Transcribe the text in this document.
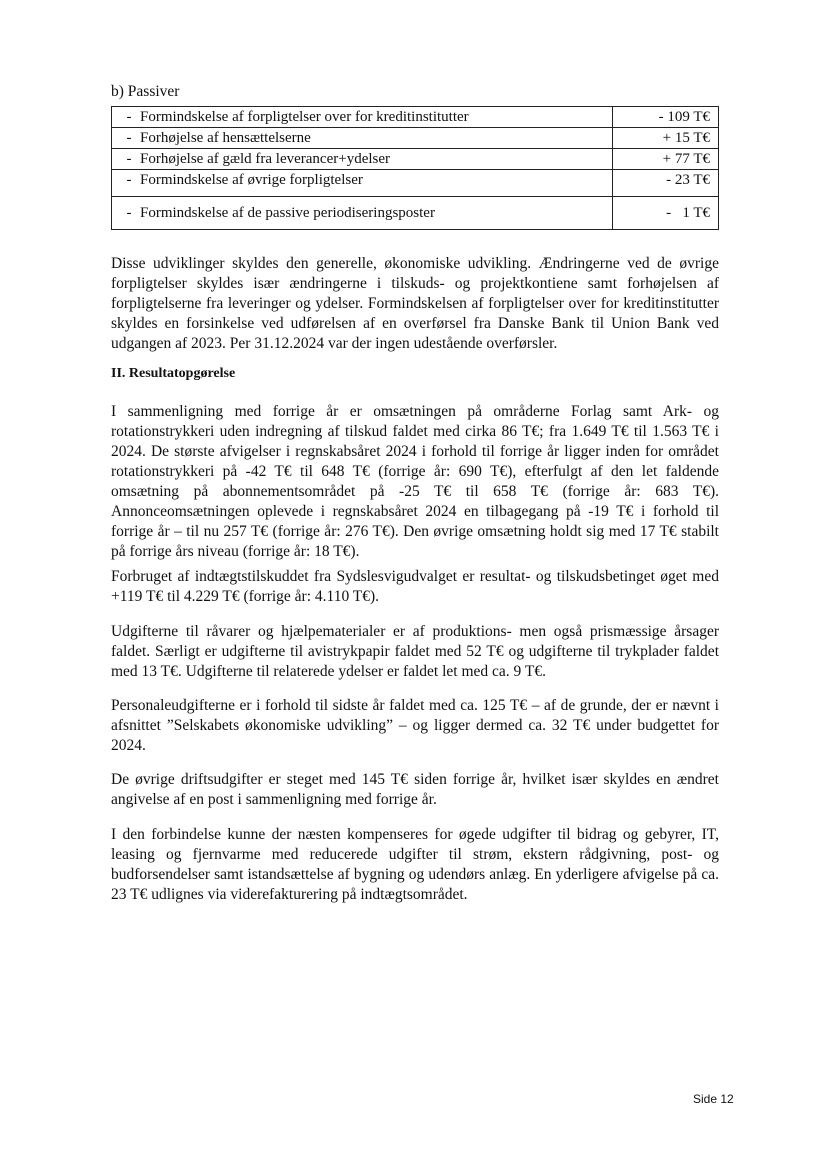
b) Passiver
- Formindskelse af forpligtelser over for kreditinstitutter	- 109 T€
- Forhøjelse af hensættelserne	+ 15 T€
- Forhøjelse af gæld fra leverancer+ydelser	+ 77 T€
- Formindskelse af øvrige forpligtelser	- 23 T€
- Formindskelse af de passive periodiseringsposter	-   1 T€

Disse udviklinger skyldes den generelle, økonomiske udvikling. Ændringerne ved de øvrige forpligtelser skyldes især ændringerne i tilskuds- og projektkontiene samt forhøjelsen af forpligtelserne fra leveringer og ydelser. Formindskelsen af forpligtelser over for kreditinstitutter skyldes en forsinkelse ved udførelsen af en overførsel fra Danske Bank til Union Bank ved udgangen af 2023. Per 31.12.2024 var der ingen udestående overførsler.

II. Resultatopgørelse

I sammenligning med forrige år er omsætningen på områderne Forlag samt Ark- og rotationstrykkeri uden indregning af tilskud faldet med cirka 86 T€; fra 1.649 T€ til 1.563 T€ i 2024. De største afvigelser i regnskabsåret 2024 i forhold til forrige år ligger inden for området rotationstrykkeri på -42 T€ til 648 T€ (forrige år: 690 T€), efterfulgt af den let faldende omsætning på abonnementsområdet på -25 T€ til 658 T€ (forrige år: 683 T€). Annonceomsætningen oplevede i regnskabsåret 2024 en tilbagegang på -19 T€ i forhold til forrige år – til nu 257 T€ (forrige år: 276 T€). Den øvrige omsætning holdt sig med 17 T€ stabilt på forrige års niveau (forrige år: 18 T€).

Forbruget af indtægtstilskuddet fra Sydslesvigudvalget er resultat- og tilskudsbetinget øget med +119 T€ til 4.229 T€ (forrige år: 4.110 T€).

Udgifterne til råvarer og hjælpematerialer er af produktions- men også prismæssige årsager faldet. Særligt er udgifterne til avistrykpapir faldet med 52 T€ og udgifterne til trykplader faldet med 13 T€. Udgifterne til relaterede ydelser er faldet let med ca. 9 T€.

Personaleudgifterne er i forhold til sidste år faldet med ca. 125 T€ – af de grunde, der er nævnt i afsnittet ”Selskabets økonomiske udvikling” – og ligger dermed ca. 32 T€ under budgettet for 2024.

De øvrige driftsudgifter er steget med 145 T€ siden forrige år, hvilket især skyldes en ændret angivelse af en post i sammenligning med forrige år.

I den forbindelse kunne der næsten kompenseres for øgede udgifter til bidrag og gebyrer, IT, leasing og fjernvarme med reducerede udgifter til strøm, ekstern rådgivning, post- og budforsendelser samt istandsættelse af bygning og udendørs anlæg. En yderligere afvigelse på ca. 23 T€ udlignes via viderefakturering på indtægtsområdet.

Side 12
